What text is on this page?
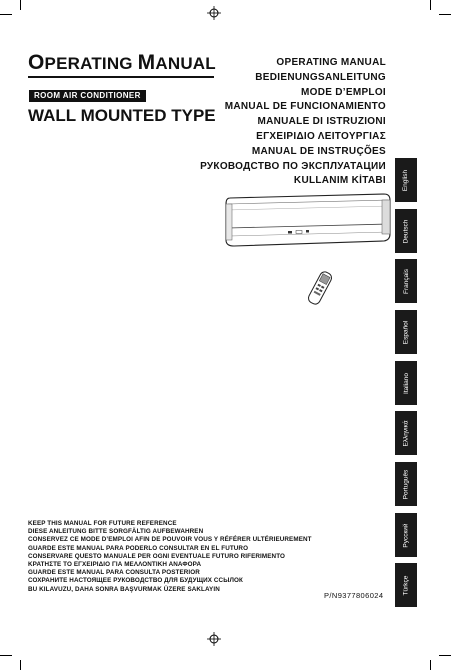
OPERATING MANUAL
ROOM AIR CONDITIONER
WALL MOUNTED TYPE
OPERATING MANUAL
BEDIENUNGSANLEITUNG
MODE D’EMPLOI
MANUAL DE FUNCIONAMIENTO
MANUALE DI ISTRUZIONI
ΕΓΧΕΙΡΙΔΙΟ ΛΕΙΤΟΥΡΓΙΑΣ
MANUAL DE INSTRUÇÕES
РУКОВОДСТВО ПО ЭКСПЛУАТАЦИИ
KULLANIM KİTABI	English
Deutsch
Français
Español
Italiano
Ελληνικά
Português
Русский
Türkçe
KEEP THIS MANUAL FOR FUTURE REFERENCE
DIESE ANLEITUNG BITTE SORGFÄLTIG AUFBEWAHREN
CONSERVEZ CE MODE D’EMPLOI AFIN DE POUVOIR VOUS Y RÉFÉRER ULTÉRIEUREMENT
GUARDE ESTE MANUAL PARA PODERLO CONSULTAR EN EL FUTURO
CONSERVARE QUESTO MANUALE PER OGNI EVENTUALE FUTURO RIFERIMENTO
ΚΡΑΤΗΣΤΕ ΤΟ ΕΓΧΕΙΡΙΔΙΟ ΓΙΑ ΜΕΛΛΟΝΤΙΚΗ ΑΝΑΦΟΡΑ
GUARDE ESTE MANUAL PARA CONSULTA POSTERIOR
СОХРАНИТЕ НАСТОЯЩЕЕ РУКОВОДСТВО ДЛЯ БУДУЩИХ ССЫЛОК
BU KILAVUZU, DAHA SONRA BAŞVURMAK ÜZERE SAKLAYIN
P/N9377806024
